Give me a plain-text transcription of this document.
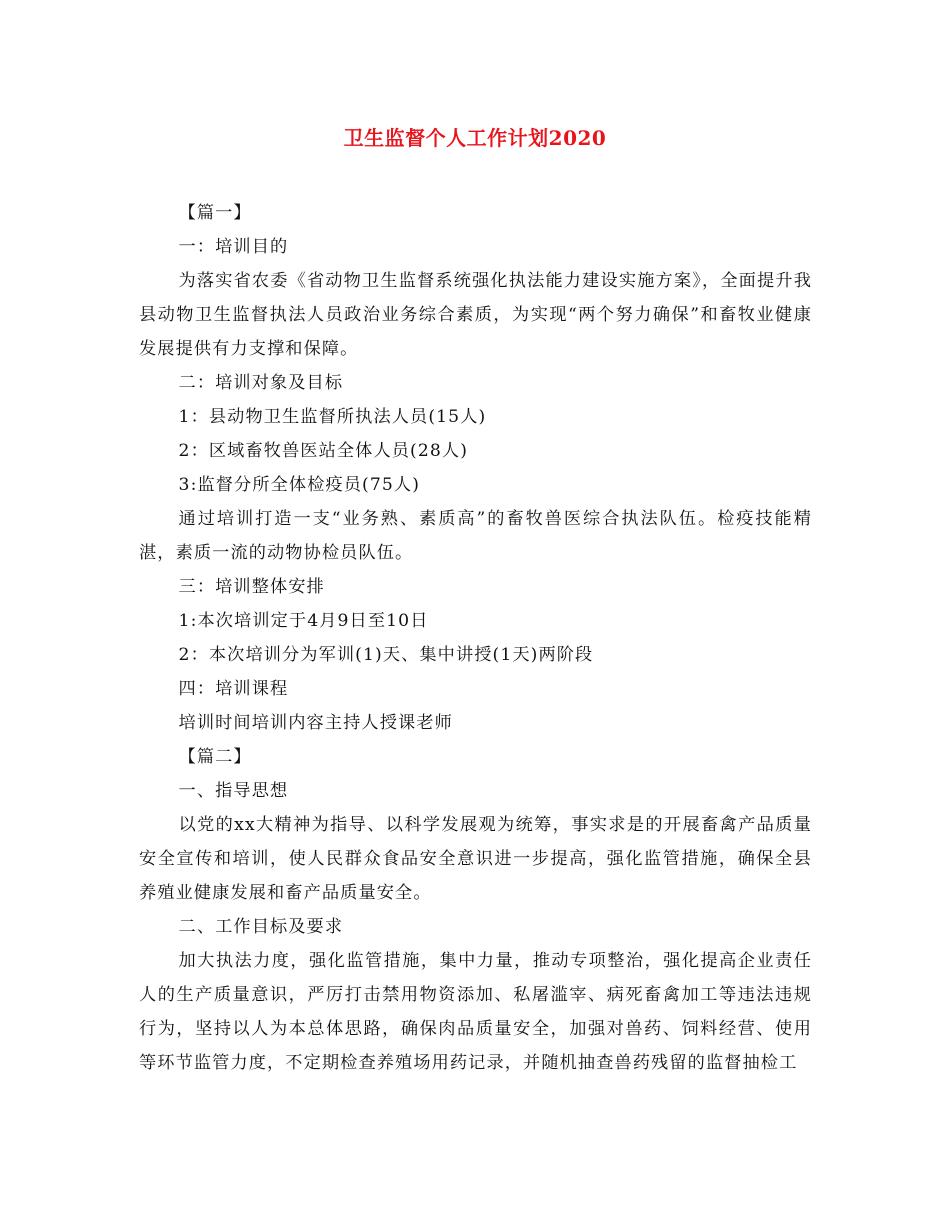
卫生监督个人工作计划2020

【篇一】

一：培训目的

为落实省农委《省动物卫生监督系统强化执法能力建设实施方案》，全面提升我县动物卫生监督执法人员政治业务综合素质，为实现“两个努力确保”和畜牧业健康发展提供有力支撑和保障。

二：培训对象及目标

1：县动物卫生监督所执法人员(15人)

2：区域畜牧兽医站全体人员(28人)

3:监督分所全体检疫员(75人)

通过培训打造一支“业务熟、素质高”的畜牧兽医综合执法队伍。检疫技能精湛，素质一流的动物协检员队伍。

三：培训整体安排

1:本次培训定于4月9日至10日

2：本次培训分为军训(1)天、集中讲授(1天)两阶段

四：培训课程

培训时间培训内容主持人授课老师

【篇二】

一、指导思想

以党的xx大精神为指导、以科学发展观为统筹，事实求是的开展畜禽产品质量安全宣传和培训，使人民群众食品安全意识进一步提高，强化监管措施，确保全县养殖业健康发展和畜产品质量安全。

二、工作目标及要求

加大执法力度，强化监管措施，集中力量，推动专项整治，强化提高企业责任人的生产质量意识，严厉打击禁用物资添加、私屠滥宰、病死畜禽加工等违法违规行为，坚持以人为本总体思路，确保肉品质量安全，加强对兽药、饲料经营、使用等环节监管力度，不定期检查养殖场用药记录，并随机抽查兽药残留的监督抽检工
